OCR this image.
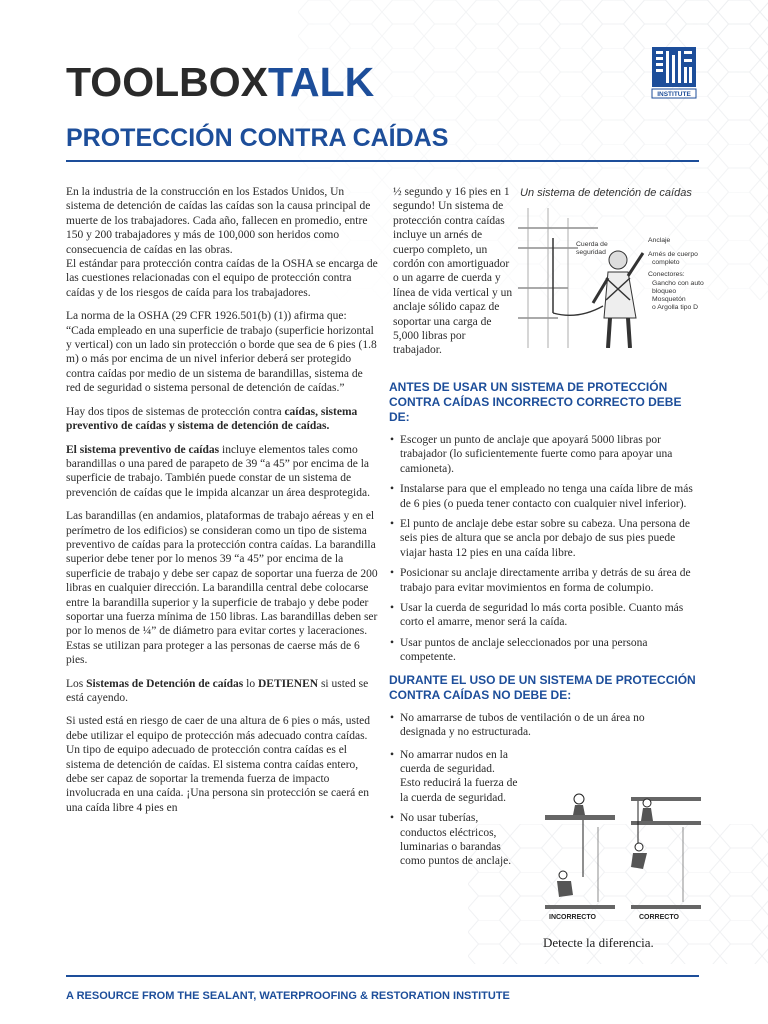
TOOLBOXTALK	INSTITUTE
PROTECCIÓN CONTRA CAÍDAS

En la industria de la construcción en los Estados Unidos, Un sistema de detención de caídas las caídas son la causa principal de muerte de los trabajadores. Cada año, fallecen en promedio, entre 150 y 200 trabajadores y más de 100,000 son heridos como consecuencia de caídas en las obras.
El estándar para protección contra caídas de la OSHA se encarga de las cuestiones relacionadas con el equipo de protección contra caídas y de los riesgos de caída para los trabajadores.

La norma de la OSHA (29 CFR 1926.501(b) (1)) afirma que: “Cada empleado en una superficie de trabajo (superficie horizontal y vertical) con un lado sin protección o borde que sea de 6 pies (1.8 m) o más por encima de un nivel inferior deberá ser protegido contra caídas por medio de un sistema de barandillas, sistema de red de seguridad o sistema personal de detención de caídas.”

Hay dos tipos de sistemas de protección contra caídas, sistema preventivo de caídas y sistema de detención de caídas.

El sistema preventivo de caídas incluye elementos tales como barandillas o una pared de parapeto de 39 “a 45” por encima de la superficie de trabajo. También puede constar de un sistema de prevención de caídas que le impida alcanzar un área desprotegida.

Las barandillas (en andamios, plataformas de trabajo aéreas y en el perímetro de los edificios) se consideran como un tipo de sistema preventivo de caídas para la protección contra caídas. La barandilla superior debe tener por lo menos 39 “a 45” por encima de la superficie de trabajo y debe ser capaz de soportar una fuerza de 200 libras en cualquier dirección. La barandilla central debe colocarse entre la barandilla superior y la superficie de trabajo y debe poder soportar una fuerza mínima de 150 libras. Las barandillas deben ser por lo menos de ¼” de diámetro para evitar cortes y laceraciones. Estas se utilizan para proteger a las personas de caerse más de 6 pies.

Los Sistemas de Detención de caídas lo DETIENEN si usted se está cayendo.

Si usted está en riesgo de caer de una altura de 6 pies o más, usted debe utilizar el equipo de protección más adecuado contra caídas. Un tipo de equipo adecuado de protección contra caídas es el sistema de detención de caídas. El sistema contra caídas entero, debe ser capaz de soportar la tremenda fuerza de impacto involucrada en una caída. ¡Una persona sin protección se caerá en una caída libre 4 pies en

½ segundo y 16 pies en 1 segundo! Un sistema de protección contra caídas incluye un arnés de cuerpo completo, un cordón con amortiguador o un agarre de cuerda y línea de vida vertical y un anclaje sólido capaz de soportar una carga de 5,000 libras por trabajador.
Un sistema de detención de caídas
Cuerda de
seguridad
Anclaje
Arnés de cuerpo
completo
Conectores:
Gancho con auto
bloqueo
Mosquetón
o Argolla tipo D
ANTES DE USAR UN SISTEMA DE PROTECCIÓN CONTRA CAÍDAS INCORRECTO CORRECTO DEBE DE:
• Escoger un punto de anclaje que apoyará 5000 libras por trabajador (lo suficientemente fuerte como para apoyar una camioneta).
• Instalarse para que el empleado no tenga una caída libre de más de 6 pies (o pueda tener contacto con cualquier nivel inferior).
• El punto de anclaje debe estar sobre su cabeza. Una persona de seis pies de altura que se ancla por debajo de sus pies puede viajar hasta 12 pies en una caída libre.
• Posicionar su anclaje directamente arriba y detrás de su área de trabajo para evitar movimientos en forma de columpio.
• Usar la cuerda de seguridad lo más corta posible. Cuanto más corto el amarre, menor será la caída.
• Usar puntos de anclaje seleccionados por una persona competente.
DURANTE EL USO DE UN SISTEMA DE PROTECCIÓN CONTRA CAÍDAS NO DEBE DE:
• No amarrarse de tubos de ventilación o de un área no designada y no estructurada.
• No amarrar nudos en la cuerda de seguridad. Esto reducirá la fuerza de la cuerda de seguridad.
• No usar tuberías, conductos eléctricos, luminarias o barandas como puntos de anclaje.
INCORRECTO	CORRECTO
Detecte la diferencia.
A RESOURCE FROM THE SEALANT, WATERPROOFING & RESTORATION INSTITUTE
